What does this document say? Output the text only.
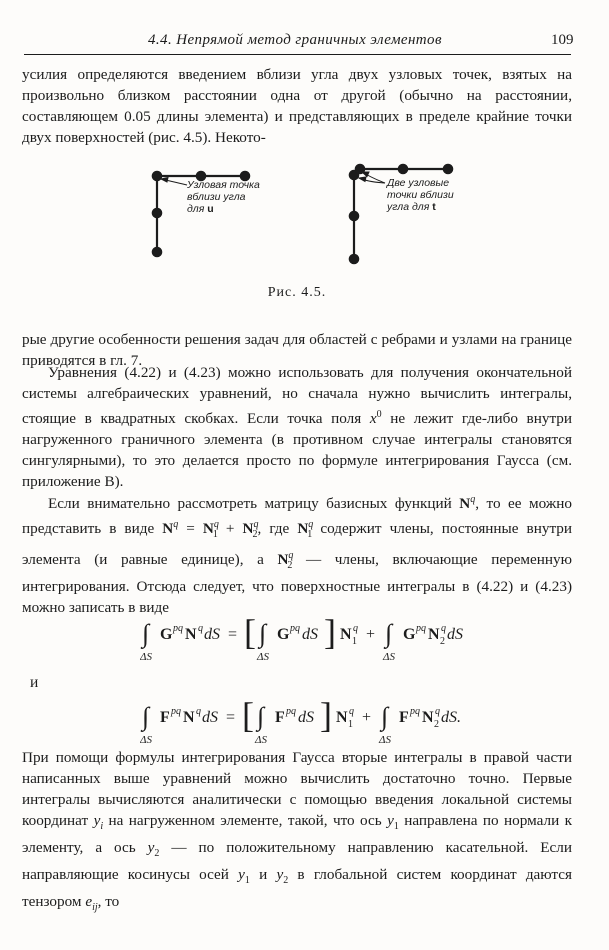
4.4. Непрямой метод граничных элементов	109

усилия определяются введением вблизи угла двух узловых точек, взятых на произвольно близком расстоянии одна от другой (обычно на расстоянии, составляющем 0.05 длины элемента) и представляющих в пределе крайние точки двух поверхностей (рис. 4.5). Некото-

Узловая точка
вблизи угла
для u
Две узловые
точки вблизи
угла для t
Рис. 4.5.

рые другие особенности решения задач для областей с ребрами и узлами на границе приводятся в гл. 7.

Уравнения (4.22) и (4.23) можно использовать для получения окончательной системы алгебраических уравнений, но сначала нужно вычислить интегралы, стоящие в квадратных скобках. Если точка поля $x^0$ не лежит где-либо внутри нагруженного граничного элемента (в противном случае интегралы становятся сингулярными), то это делается просто по формуле интегрирования Гаусса (см. приложение B).

Если внимательно рассмотреть матрицу базисных функций $N^q$, то ее можно представить в виде $N^q = N^q_1 + N^q_2$, где $N^q_1$ содержит члены, постоянные внутри элемента (и равные единице), а $N^q_2$ — члены, включающие переменную интегрирования. Отсюда следует, что поверхностные интегралы в (4.22) и (4.23) можно записать в виде

∫
ΔS
G pq N q dS = [ ∫
ΔS
G pq dS ] N q
1 + ∫
ΔS
G pq N q
2 dS
и
∫
ΔS
F pq N q dS = [ ∫
ΔS
F pq dS ] N q
1 + ∫
ΔS
F pq N q
2 dS.

При помощи формулы интегрирования Гаусса вторые интегралы в правой части написанных выше уравнений можно вычислить достаточно точно. Первые интегралы вычисляются аналитически с помощью введения локальной системы координат $y_i$ на нагруженном элементе, такой, что ось $y_1$ направлена по нормали к элементу, а ось $y_2$ — по положительному направлению касательной. Если направляющие косинусы осей $y_1$ и $y_2$ в глобальной систем координат даются тензором $e_{ij}$, то
